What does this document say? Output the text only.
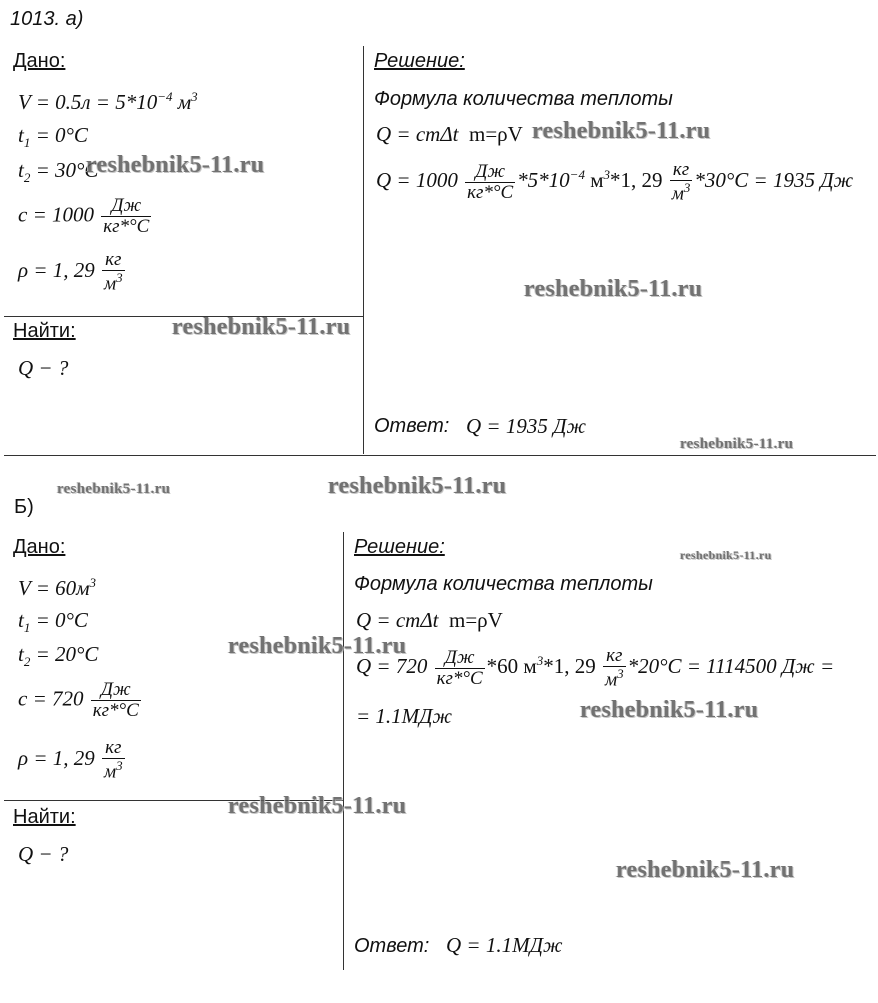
1013. а)
Дано:
$V = 0.5л = 5*10^{-4}$ $м^3$
$t_1 = 0^\circ C$
$t_2 = 30^\circ C$
$c = 1000 \frac{Дж}{кг*^\circ C}$
ρ = 1, $29 \frac{кг}{м^3}$
Найти:
Q − ?
Решение:
Формула количества теплоты
Q = cmΔt m=ρV
$Q = 1000 \frac{Дж}{кг*^\circ C} *5*10^{-4}$ $м^3*1$, $29 \frac{кг}{м^3} *30^\circ C = 1935$ Дж
Ответ: Q = 1935 Дж
Б)
Дано:
$V = 60м^3$
$t_1 = 0^\circ C$
$t_2 = 20^\circ C$
$c = 720 \frac{Дж}{кг*^\circ C}$
ρ = 1, $29 \frac{кг}{м^3}$
Найти:
Q − ?
Решение:
Формула количества теплоты
Q = cmΔt m=ρV
$Q = 720 \frac{Дж}{кг*^\circ C} *60$ $м^3*1$, $29 \frac{кг}{м^3} *20^\circ C = 1114500$ Дж =
= 1.1МДж
Ответ: Q = 1.1МДж
reshebnik5-11.ru
reshebnik5-11.ru
reshebnik5-11.ru
reshebnik5-11.ru
reshebnik5-11.ru
reshebnik5-11.ru
reshebnik5-11.ru
reshebnik5-11.ru
reshebnik5-11.ru
reshebnik5-11.ru
reshebnik5-11.ru
reshebnik5-11.ru
